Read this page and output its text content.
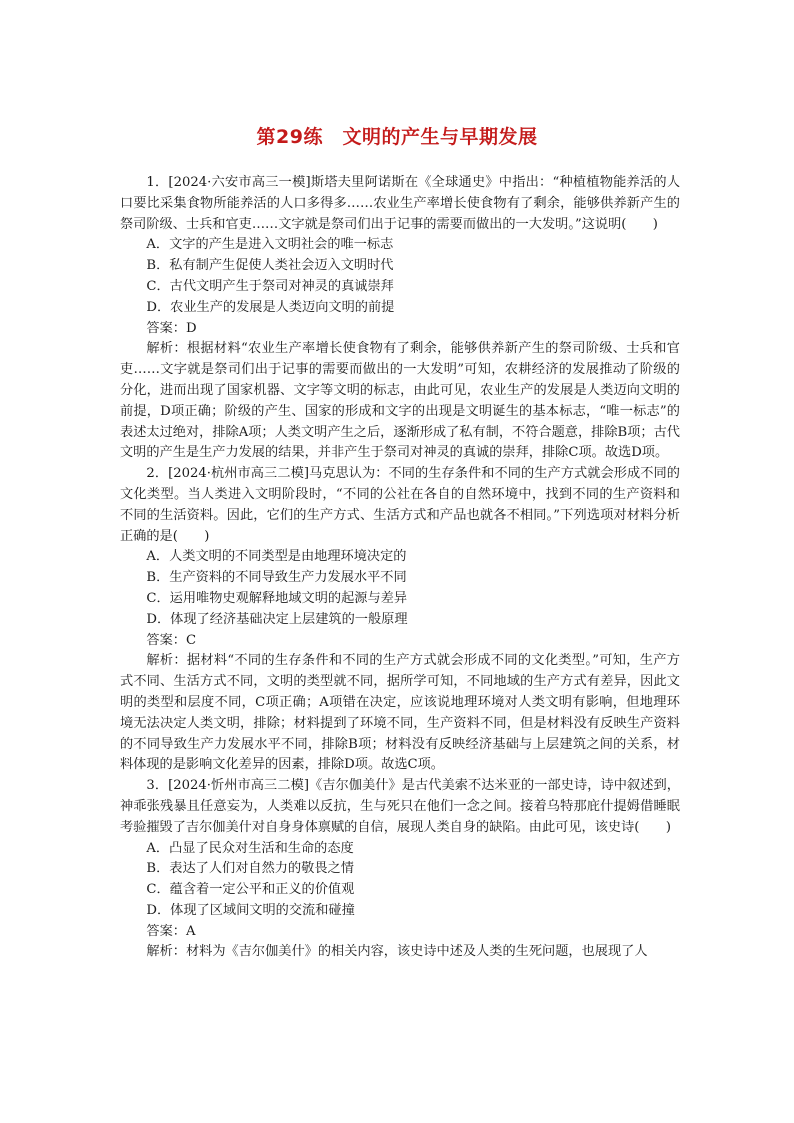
第29练　文明的产生与早期发展

1．[2024·六安市高三一模]斯塔夫里阿诺斯在《全球通史》中指出：“种植植物能养活的人口要比采集食物所能养活的人口多得多……农业生产率增长使食物有了剩余，能够供养新产生的祭司阶级、士兵和官吏……文字就是祭司们出于记事的需要而做出的一大发明。”这说明(　　)

A．文字的产生是进入文明社会的唯一标志

B．私有制产生促使人类社会迈入文明时代

C．古代文明产生于祭司对神灵的真诚崇拜

D．农业生产的发展是人类迈向文明的前提

答案：D

解析：根据材料“农业生产率增长使食物有了剩余，能够供养新产生的祭司阶级、士兵和官吏……文字就是祭司们出于记事的需要而做出的一大发明”可知，农耕经济的发展推动了阶级的分化，进而出现了国家机器、文字等文明的标志，由此可见，农业生产的发展是人类迈向文明的前提，D项正确；阶级的产生、国家的形成和文字的出现是文明诞生的基本标志，“唯一标志”的表述太过绝对，排除A项；人类文明产生之后，逐渐形成了私有制，不符合题意，排除B项；古代文明的产生是生产力发展的结果，并非产生于祭司对神灵的真诚的崇拜，排除C项。故选D项。

2．[2024·杭州市高三二模]马克思认为：不同的生存条件和不同的生产方式就会形成不同的文化类型。当人类进入文明阶段时，“不同的公社在各自的自然环境中，找到不同的生产资料和不同的生活资料。因此，它们的生产方式、生活方式和产品也就各不相同。”下列选项对材料分析正确的是(　　)

A．人类文明的不同类型是由地理环境决定的

B．生产资料的不同导致生产力发展水平不同

C．运用唯物史观解释地域文明的起源与差异

D．体现了经济基础决定上层建筑的一般原理

答案：C

解析：据材料“不同的生存条件和不同的生产方式就会形成不同的文化类型。”可知，生产方式不同、生活方式不同，文明的类型就不同，据所学可知，不同地域的生产方式有差异，因此文明的类型和层度不同，C项正确；A项错在决定，应该说地理环境对人类文明有影响，但地理环境无法决定人类文明，排除；材料提到了环境不同，生产资料不同，但是材料没有反映生产资料的不同导致生产力发展水平不同，排除B项；材料没有反映经济基础与上层建筑之间的关系，材料体现的是影响文化差异的因素，排除D项。故选C项。

3．[2024·忻州市高三二模]《吉尔伽美什》是古代美索不达米亚的一部史诗，诗中叙述到，神乖张残暴且任意妄为，人类难以反抗，生与死只在他们一念之间。接着乌特那庇什提姆借睡眠考验摧毁了吉尔伽美什对自身身体禀赋的自信，展现人类自身的缺陷。由此可见，该史诗(　　)

A．凸显了民众对生活和生命的态度

B．表达了人们对自然力的敬畏之情

C．蕴含着一定公平和正义的价值观

D．体现了区域间文明的交流和碰撞

答案：A

解析：材料为《吉尔伽美什》的相关内容，该史诗中述及人类的生死问题，也展现了人
